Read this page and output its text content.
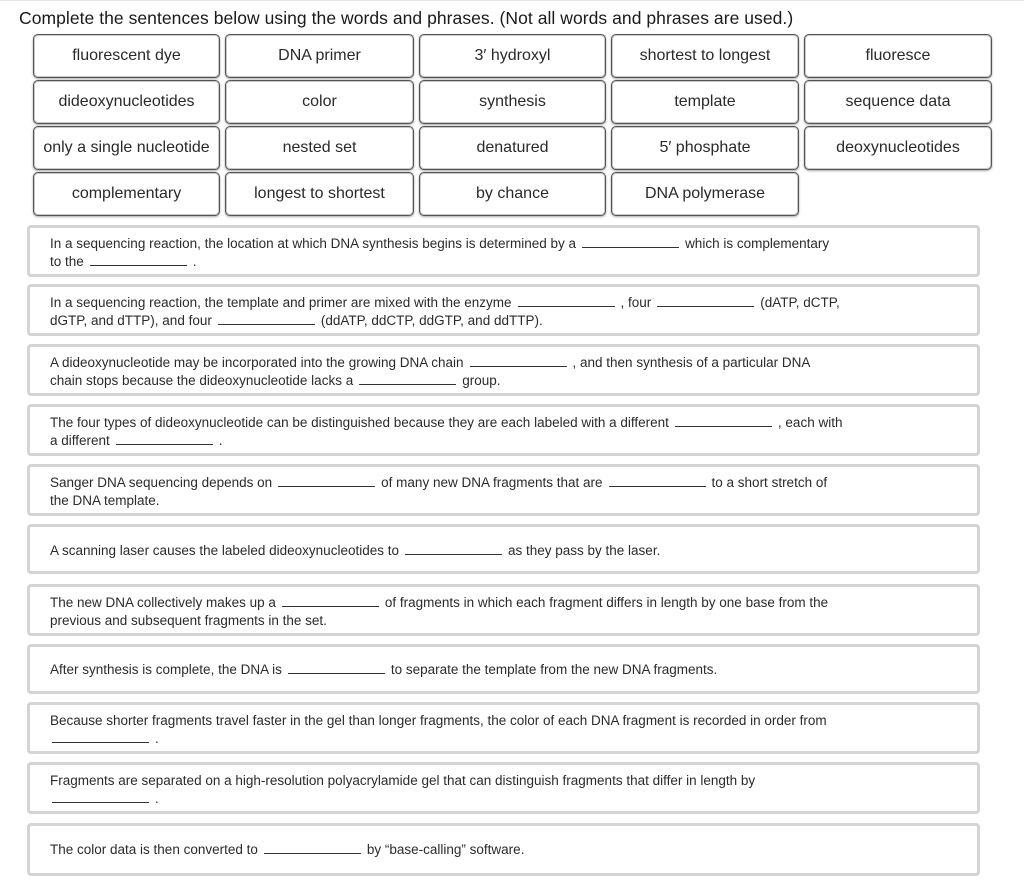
Complete the sentences below using the words and phrases. (Not all words and phrases are used.)
fluorescent dye	DNA primer	3′ hydroxyl	shortest to longest	fluoresce
dideoxynucleotides	color	synthesis	template	sequence data
only a single nucleotide	nested set	denatured	5′ phosphate	deoxynucleotides
complementary	longest to shortest	by chance	DNA polymerase
In a sequencing reaction, the location at which DNA synthesis begins is determined by a	which is complementary
to the	.
In a sequencing reaction, the template and primer are mixed with the enzyme	, four	(dATP, dCTP,
dGTP, and dTTP), and four	(ddATP, ddCTP, ddGTP, and ddTTP).
A dideoxynucleotide may be incorporated into the growing DNA chain	, and then synthesis of a particular DNA
chain stops because the dideoxynucleotide lacks a	group.
The four types of dideoxynucleotide can be distinguished because they are each labeled with a different	, each with
a different	.
Sanger DNA sequencing depends on	of many new DNA fragments that are	to a short stretch of
the DNA template.
A scanning laser causes the labeled dideoxynucleotides to	as they pass by the laser.
The new DNA collectively makes up a	of fragments in which each fragment differs in length by one base from the
previous and subsequent fragments in the set.
After synthesis is complete, the DNA is	to separate the template from the new DNA fragments.
Because shorter fragments travel faster in the gel than longer fragments, the color of each DNA fragment is recorded in order from
.
Fragments are separated on a high-resolution polyacrylamide gel that can distinguish fragments that differ in length by
.
The color data is then converted to	by “base-calling” software.
